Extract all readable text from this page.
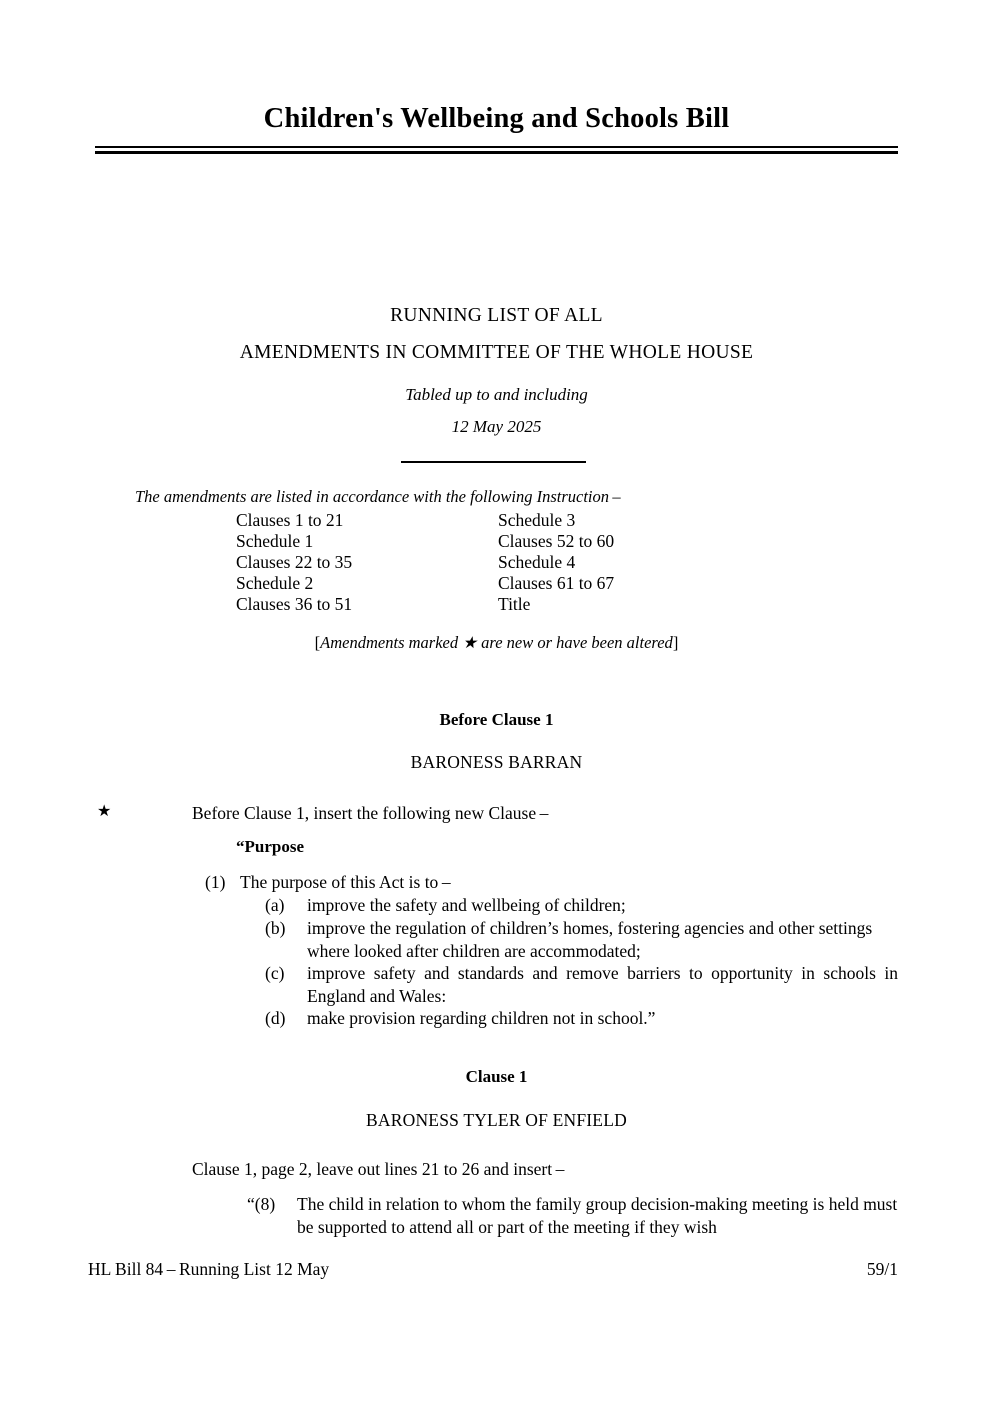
Children's Wellbeing and Schools Bill
RUNNING LIST OF ALL
AMENDMENTS IN COMMITTEE OF THE WHOLE HOUSE
Tabled up to and including
12 May 2025
The amendments are listed in accordance with the following Instruction –
Clauses 1 to 21	Schedule 3
Schedule 1	Clauses 52 to 60
Clauses 22 to 35	Schedule 4
Schedule 2	Clauses 61 to 67
Clauses 36 to 51	Title
[Amendments marked ★ are new or have been altered]
Before Clause 1
BARONESS BARRAN
★	Before Clause 1, insert the following new Clause –
“Purpose
(1) The purpose of this Act is to –
(a)	improve the safety and wellbeing of children;
(b)	improve the regulation of children’s homes, fostering agencies and other settings where looked after children are accommodated;
(c)	improve safety and standards and remove barriers to opportunity in schools in England and Wales:
(d)	make provision regarding children not in school.”
Clause 1
BARONESS TYLER OF ENFIELD
Clause 1, page 2, leave out lines 21 to 26 and insert –
“(8)	The child in relation to whom the family group decision-making meeting is held must be supported to attend all or part of the meeting if they wish
HL Bill 84 – Running List 12 May	59/1
